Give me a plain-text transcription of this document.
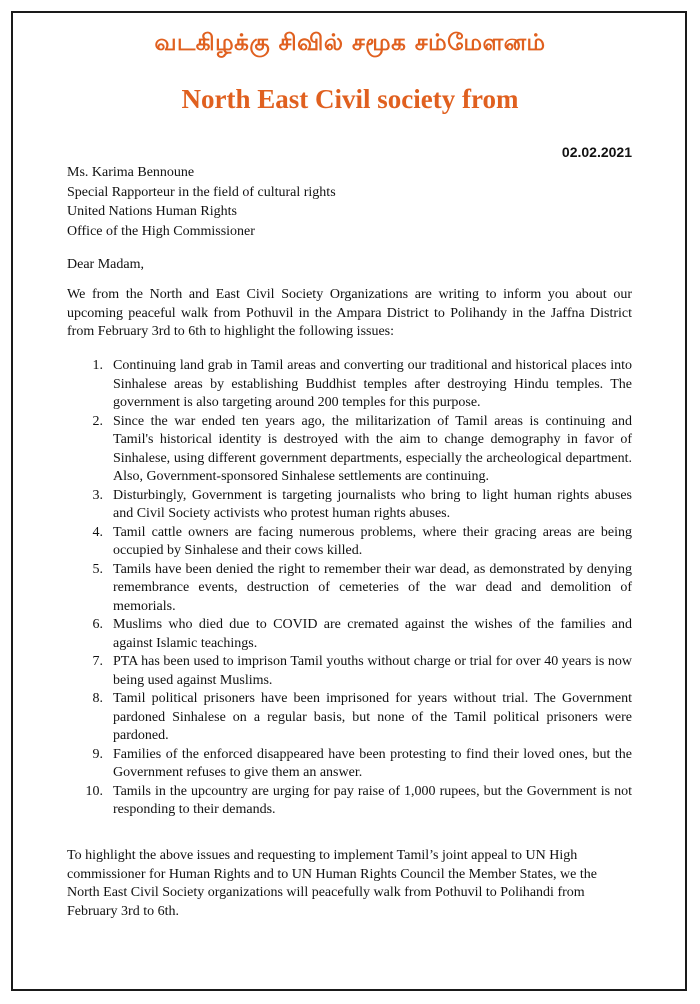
வடகிழக்கு சிவில் சமூக சம்மேளனம்
North East Civil society from
02.02.2021
Ms. Karima Bennoune
Special Rapporteur in the field of cultural rights
United Nations Human Rights
Office of the High Commissioner
Dear Madam,
We from the North and East Civil Society Organizations are writing to inform you about our upcoming peaceful walk from Pothuvil in the Ampara District to Polihandy in the Jaffna District from February 3rd to 6th to highlight the following issues:
1. Continuing land grab in Tamil areas and converting our traditional and historical places into Sinhalese areas by establishing Buddhist temples after destroying Hindu temples. The government is also targeting around 200 temples for this purpose.
2. Since the war ended ten years ago, the militarization of Tamil areas is continuing and Tamil's historical identity is destroyed with the aim to change demography in favor of Sinhalese, using different government departments, especially the archeological department. Also, Government-sponsored Sinhalese settlements are continuing.
3. Disturbingly, Government is targeting journalists who bring to light human rights abuses and Civil Society activists who protest human rights abuses.
4. Tamil cattle owners are facing numerous problems, where their gracing areas are being occupied by Sinhalese and their cows killed.
5. Tamils have been denied the right to remember their war dead, as demonstrated by denying remembrance events, destruction of cemeteries of the war dead and demolition of memorials.
6. Muslims who died due to COVID are cremated against the wishes of the families and against Islamic teachings.
7. PTA has been used to imprison Tamil youths without charge or trial for over 40 years is now being used against Muslims.
8. Tamil political prisoners have been imprisoned for years without trial. The Government pardoned Sinhalese on a regular basis, but none of the Tamil political prisoners were pardoned.
9. Families of the enforced disappeared have been protesting to find their loved ones, but the Government refuses to give them an answer.
10. Tamils in the upcountry are urging for pay raise of 1,000 rupees, but the Government is not responding to their demands.
To highlight the above issues and requesting to implement Tamil’s joint appeal to UN High commissioner for Human Rights and to UN Human Rights Council the Member States, we the North East Civil Society organizations will peacefully walk from Pothuvil to Polihandi from February 3rd to 6th.
